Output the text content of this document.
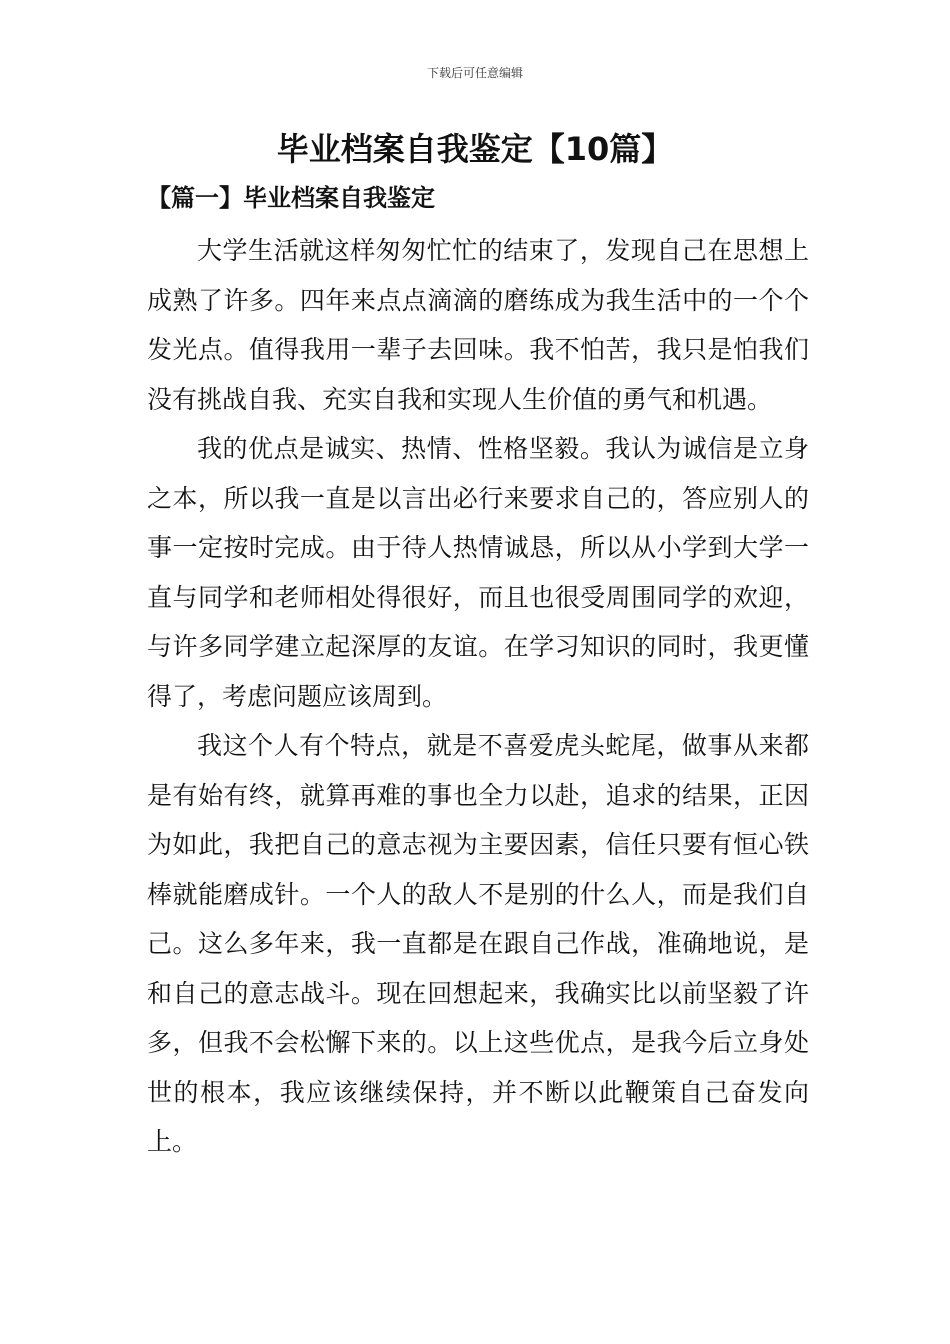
下载后可任意编辑
毕业档案自我鉴定【10篇】
【篇一】毕业档案自我鉴定

大学生活就这样匆匆忙忙的结束了，发现自己在思想上成熟了许多。四年来点点滴滴的磨练成为我生活中的一个个发光点。值得我用一辈子去回味。我不怕苦，我只是怕我们没有挑战自我、充实自我和实现人生价值的勇气和机遇。

我的优点是诚实、热情、性格坚毅。我认为诚信是立身之本，所以我一直是以言出必行来要求自己的，答应别人的事一定按时完成。由于待人热情诚恳，所以从小学到大学一直与同学和老师相处得很好，而且也很受周围同学的欢迎，与许多同学建立起深厚的友谊。在学习知识的同时，我更懂得了，考虑问题应该周到。

我这个人有个特点，就是不喜爱虎头蛇尾，做事从来都是有始有终，就算再难的事也全力以赴，追求的结果，正因为如此，我把自己的意志视为主要因素，信任只要有恒心铁棒就能磨成针。一个人的敌人不是别的什么人，而是我们自己。这么多年来，我一直都是在跟自己作战，准确地说，是和自己的意志战斗。现在回想起来，我确实比以前坚毅了许多，但我不会松懈下来的。以上这些优点，是我今后立身处世的根本，我应该继续保持，并不断以此鞭策自己奋发向上。
